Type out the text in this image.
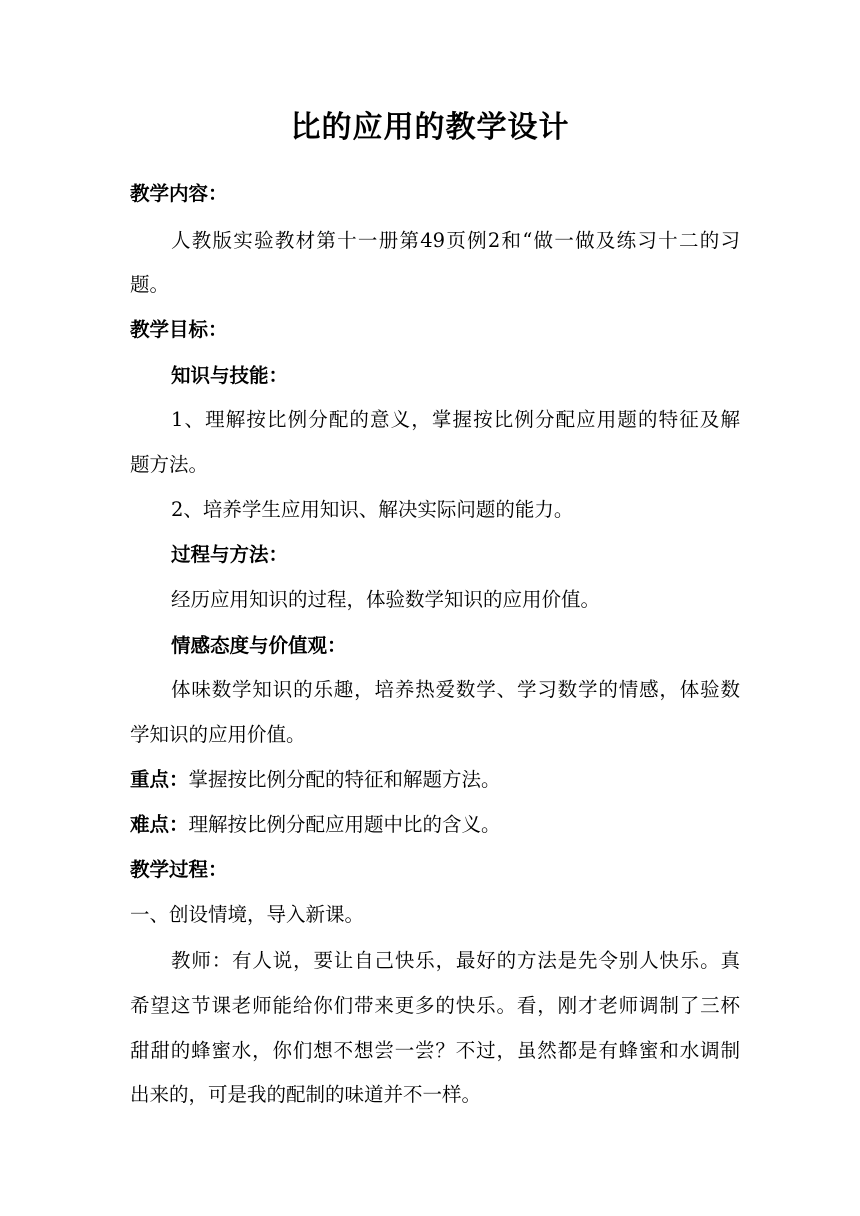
比的应用的教学设计
教学内容：
人教版实验教材第十一册第49页例2和“做一做及练习十二的习
题。
教学目标：
知识与技能：
1、理解按比例分配的意义，掌握按比例分配应用题的特征及解
题方法。
2、培养学生应用知识、解决实际问题的能力。
过程与方法：
经历应用知识的过程，体验数学知识的应用价值。
情感态度与价值观：
体味数学知识的乐趣，培养热爱数学、学习数学的情感，体验数
学知识的应用价值。
重点：掌握按比例分配的特征和解题方法。
难点：理解按比例分配应用题中比的含义。
教学过程：
一、创设情境，导入新课。
教师：有人说，要让自己快乐，最好的方法是先令别人快乐。真
希望这节课老师能给你们带来更多的快乐。看，刚才老师调制了三杯
甜甜的蜂蜜水，你们想不想尝一尝？不过，虽然都是有蜂蜜和水调制
出来的，可是我的配制的味道并不一样。
